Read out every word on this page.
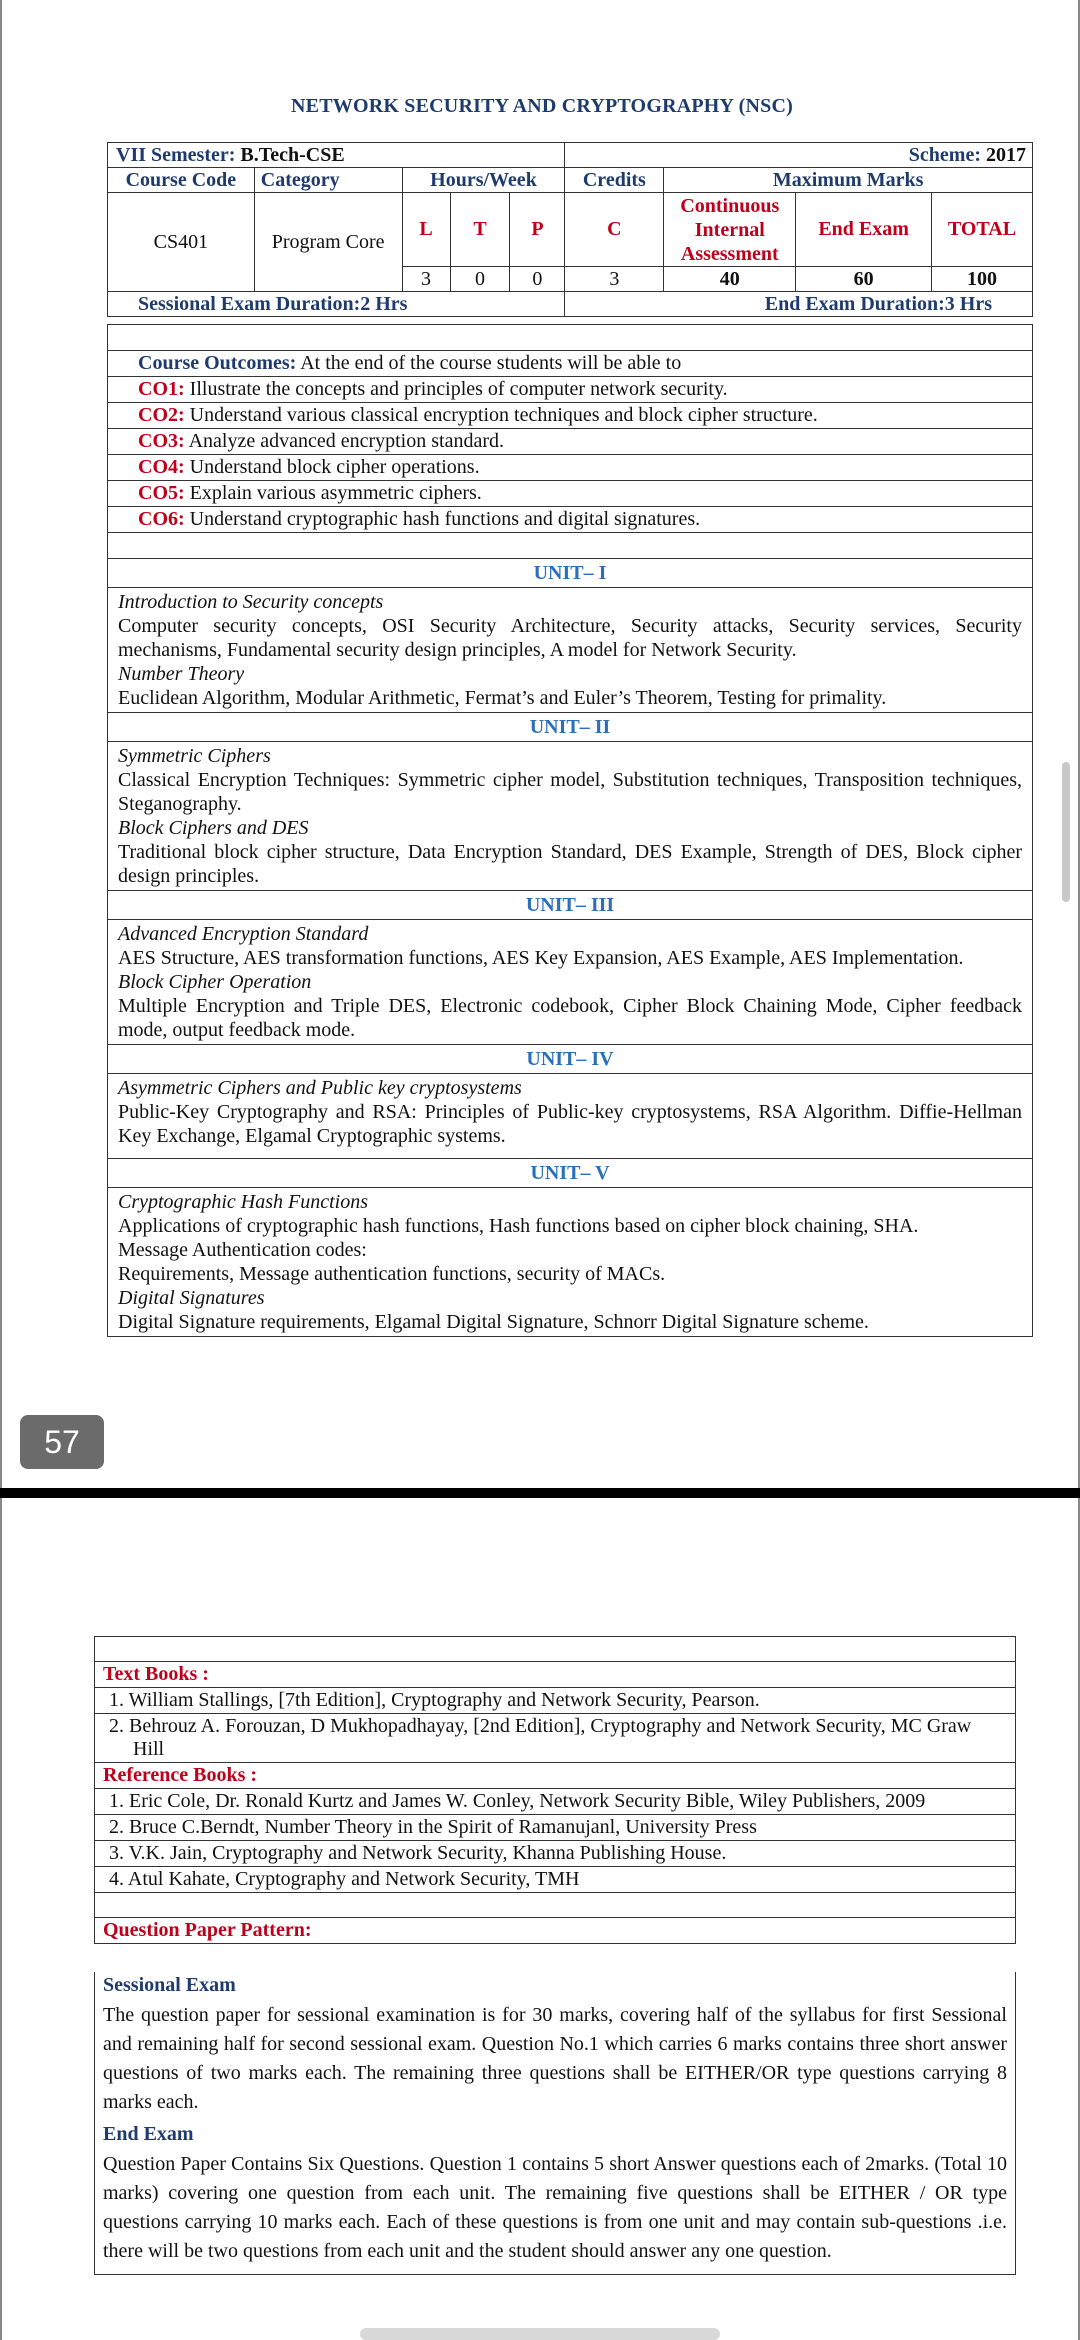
NETWORK SECURITY AND CRYPTOGRAPHY (NSC)
VII Semester: B.Tech-CSE					Scheme: 2017			
Course Code	Category	Hours/Week			Credits	Maximum Marks		
CS401	Program Core	L	T	P	C	Continuous Internal Assessment	End Exam	TOTAL
		3	0	0	3	40	60	100
Sessional Exam Duration:2 Hrs					End Exam Duration:3 Hrs			

Course Outcomes: At the end of the course students will be able to
CO1: Illustrate the concepts and principles of computer network security.
CO2: Understand various classical encryption techniques and block cipher structure.
CO3: Analyze advanced encryption standard.
CO4: Understand block cipher operations.
CO5: Explain various asymmetric ciphers.
CO6: Understand cryptographic hash functions and digital signatures.

UNIT– I

Introduction to Security concepts
Computer security concepts, OSI Security Architecture, Security attacks, Security services, Security mechanisms, Fundamental security design principles, A model for Network Security.
Number Theory
Euclidean Algorithm, Modular Arithmetic, Fermat’s and Euler’s Theorem, Testing for primality.

UNIT– II

Symmetric Ciphers
Classical Encryption Techniques: Symmetric cipher model, Substitution techniques, Transposition techniques, Steganography.
Block Ciphers and DES
Traditional block cipher structure, Data Encryption Standard, DES Example, Strength of DES, Block cipher design principles.

UNIT– III

Advanced Encryption Standard
AES Structure, AES transformation functions, AES Key Expansion, AES Example, AES Implementation.
Block Cipher Operation
Multiple Encryption and Triple DES, Electronic codebook, Cipher Block Chaining Mode, Cipher feedback mode, output feedback mode.

UNIT– IV

Asymmetric Ciphers and Public key cryptosystems
Public-Key Cryptography and RSA: Principles of Public-key cryptosystems, RSA Algorithm. Diffie-Hellman Key Exchange, Elgamal Cryptographic systems.

UNIT– V

Cryptographic Hash Functions
Applications of cryptographic hash functions, Hash functions based on cipher block chaining, SHA.
Message Authentication codes:
Requirements, Message authentication functions, security of MACs.
Digital Signatures
Digital Signature requirements, Elgamal Digital Signature, Schnorr Digital Signature scheme.
57

Text Books :
1. William Stallings, [7th Edition], Cryptography and Network Security, Pearson.
2. Behrouz A. Forouzan, D Mukhopadhayay, [2nd Edition], Cryptography and Network Security, MC Graw Hill
Reference Books :
1. Eric Cole, Dr. Ronald Kurtz and James W. Conley, Network Security Bible, Wiley Publishers, 2009
2. Bruce C.Berndt, Number Theory in the Spirit of Ramanujanl, University Press
3. V.K. Jain, Cryptography and Network Security, Khanna Publishing House.
4. Atul Kahate, Cryptography and Network Security, TMH

Question Paper Pattern:
Sessional Exam

The question paper for sessional examination is for 30 marks, covering half of the syllabus for first Sessional and remaining half for second sessional exam. Question No.1 which carries 6 marks contains three short answer questions of two marks each. The remaining three questions shall be EITHER/OR type questions carrying 8 marks each.

End Exam

Question Paper Contains Six Questions. Question 1 contains 5 short Answer questions each of 2marks. (Total 10 marks) covering one question from each unit. The remaining five questions shall be EITHER / OR type questions carrying 10 marks each. Each of these questions is from one unit and may contain sub-questions .i.e. there will be two questions from each unit and the student should answer any one question.
